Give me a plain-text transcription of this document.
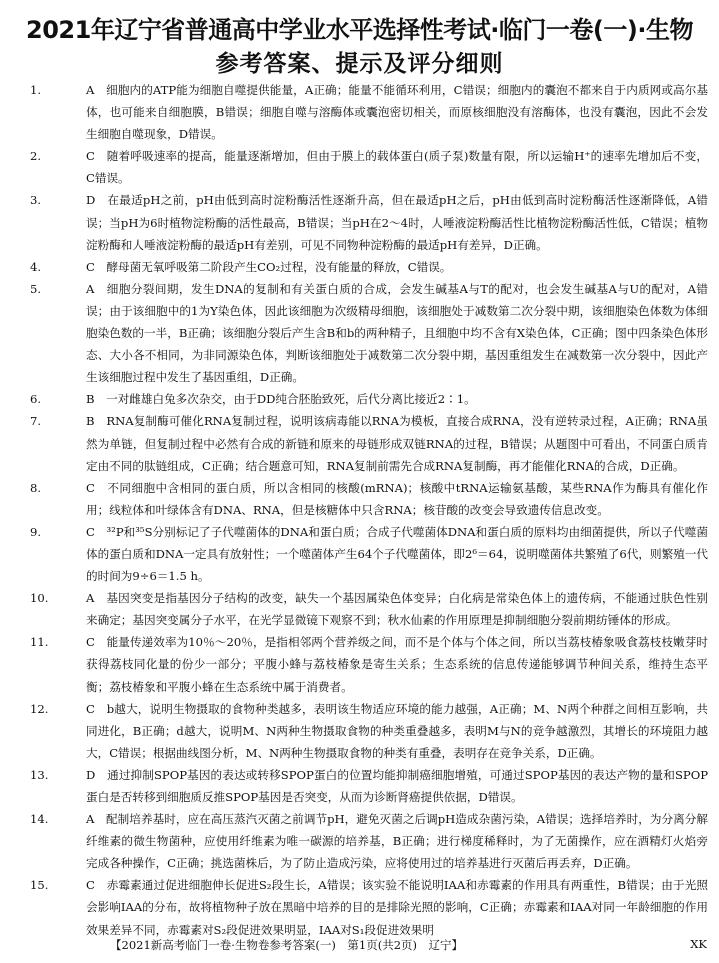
2021年辽宁省普通高中学业水平选择性考试·临门一卷(一)·生物
参考答案、提示及评分细则
1.	A　细胞内的ATP能为细胞自噬提供能量，A正确；能量不能循环利用，C错误；细胞内的囊泡不都来自于内质网或高尔基体，也可能来自细胞膜，B错误；细胞自噬与溶酶体或囊泡密切相关，而原核细胞没有溶酶体，也没有囊泡，因此不会发生细胞自噬现象，D错误。
2.	C　随着呼吸速率的提高，能量逐渐增加，但由于膜上的载体蛋白(质子泵)数量有限，所以运输H⁺的速率先增加后不变，C错误。
3.	D　在最适pH之前，pH由低到高时淀粉酶活性逐渐升高，但在最适pH之后，pH由低到高时淀粉酶活性逐渐降低，A错误；当pH为6时植物淀粉酶的活性最高，B错误；当pH在2～4时，人唾液淀粉酶活性比植物淀粉酶活性低，C错误；植物淀粉酶和人唾液淀粉酶的最适pH有差别，可见不同物种淀粉酶的最适pH有差异，D正确。
4.	C　酵母菌无氧呼吸第二阶段产生CO₂过程，没有能量的释放，C错误。
5.	A　细胞分裂间期，发生DNA的复制和有关蛋白质的合成，会发生碱基A与T的配对，也会发生碱基A与U的配对，A错误；由于该细胞中的1为Y染色体，因此该细胞为次级精母细胞，该细胞处于减数第二次分裂中期，该细胞染色体数为体细胞染色数的一半，B正确；该细胞分裂后产生含B和b的两种精子，且细胞中均不含有X染色体，C正确；图中四条染色体形态、大小各不相同，为非同源染色体，判断该细胞处于减数第二次分裂中期，基因重组发生在减数第一次分裂中，因此产生该细胞过程中发生了基因重组，D正确。
6.	B　一对雌雄白兔多次杂交，由于DD纯合胚胎致死，后代分离比接近2∶1。
7.	B　RNA复制酶可催化RNA复制过程，说明该病毒能以RNA为模板，直接合成RNA，没有逆转录过程，A正确；RNA虽然为单链，但复制过程中必然有合成的新链和原来的母链形成双链RNA的过程，B错误；从题图中可看出，不同蛋白质肯定由不同的肽链组成，C正确；结合题意可知，RNA复制前需先合成RNA复制酶，再才能催化RNA的合成，D正确。
8.	C　不同细胞中含相同的蛋白质，所以含相同的核酸(mRNA)；核酸中tRNA运输氨基酸，某些RNA作为酶具有催化作用；线粒体和叶绿体含有DNA、RNA，但是核糖体中只含RNA；核苷酸的改变会导致遗传信息改变。
9.	C　³²P和³⁵S分别标记了子代噬菌体的DNA和蛋白质；合成子代噬菌体DNA和蛋白质的原料均由细菌提供，所以子代噬菌体的蛋白质和DNA一定具有放射性；一个噬菌体产生64个子代噬菌体，即2⁶＝64，说明噬菌体共繁殖了6代，则繁殖一代的时间为9÷6＝1.5 h。
10.	A　基因突变是指基因分子结构的改变，缺失一个基因属染色体变异；白化病是常染色体上的遗传病，不能通过肤色性别来确定；基因突变属分子水平，在光学显微镜下观察不到；秋水仙素的作用原理是抑制细胞分裂前期纺锤体的形成。
11.	C　能量传递效率为10％～20％，是指相邻两个营养级之间，而不是个体与个体之间，所以当荔枝椿象吸食荔枝枝嫩芽时获得荔枝同化量的份少一部分；平腹小蜂与荔枝椿象是寄生关系；生态系统的信息传递能够调节种间关系，维持生态平衡；荔枝椿象和平腹小蜂在生态系统中属于消费者。
12.	C　b越大，说明生物摄取的食物种类越多，表明该生物适应环境的能力越强，A正确；M、N两个种群之间相互影响，共同进化，B正确；d越大，说明M、N两种生物摄取食物的种类重叠越多，表明M与N的竞争越激烈，其增长的环境阻力越大，C错误；根据曲线图分析，M、N两种生物摄取食物的种类有重叠，表明存在竞争关系，D正确。
13.	D　通过抑制SPOP基因的表达或转移SPOP蛋白的位置均能抑制癌细胞增殖，可通过SPOP基因的表达产物的量和SPOP蛋白是否转移到细胞质反推SPOP基因是否突变，从而为诊断肾癌提供依据，D错误。
14.	A　配制培养基时，应在高压蒸汽灭菌之前调节pH，避免灭菌之后调pH造成杂菌污染，A错误；选择培养时，为分离分解纤维素的微生物菌种，应使用纤维素为唯一碳源的培养基，B正确；进行梯度稀释时，为了无菌操作，应在酒精灯火焰旁完成各种操作，C正确；挑选菌株后，为了防止造成污染，应将使用过的培养基进行灭菌后再丢弃，D正确。
15.	C　赤霉素通过促进细胞伸长促进S₂段生长，A错误；该实验不能说明IAA和赤霉素的作用具有两重性，B错误；由于光照会影响IAA的分布，故将植物种子放在黑暗中培养的目的是排除光照的影响，C正确；赤霉素和IAA对同一年龄细胞的作用效果差异不同，赤霉素对S₂段促进效果明显，IAA对S₁段促进效果明
【2021新高考临门一卷·生物卷参考答案(一)　第1页(共2页)　辽宁】	XK
